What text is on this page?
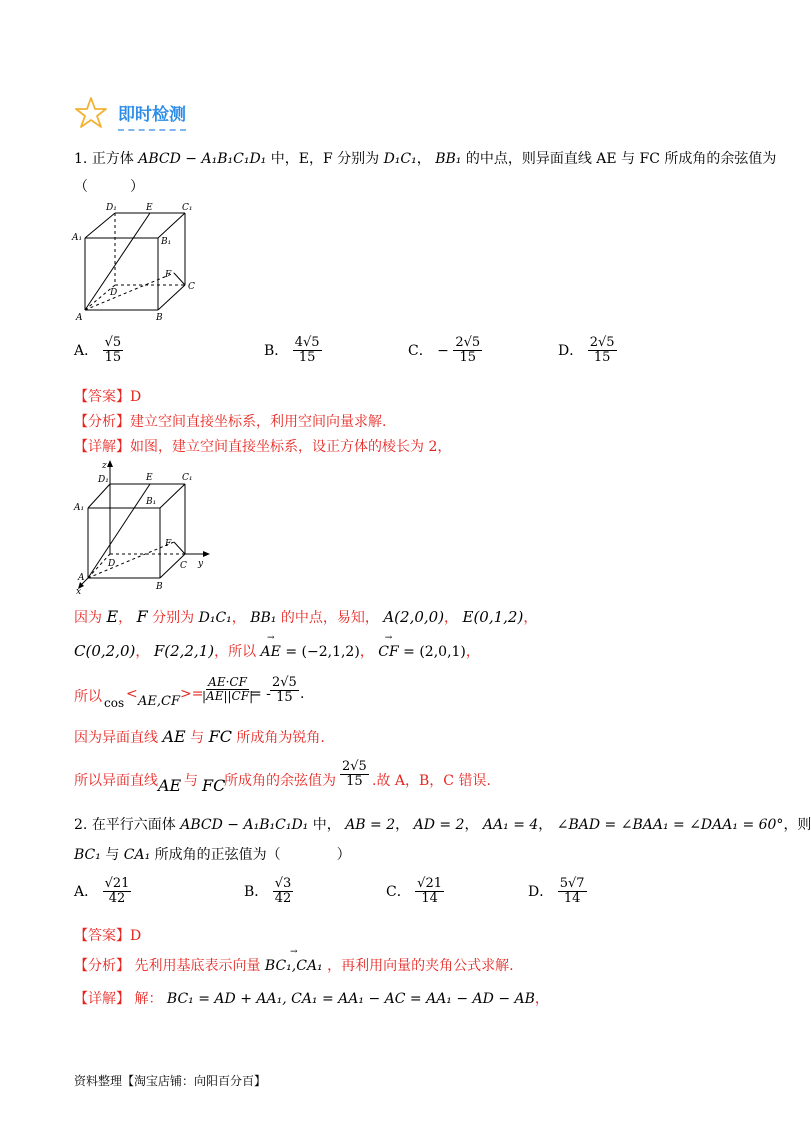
即时检测
1. 正方体 ABCD − A₁B₁C₁D₁ 中，E，F 分别为 D₁C₁， BB₁ 的中点，则异面直线 AE 与 FC 所成角的余弦值为
（　　　）
D₁	E	C₁
A₁	B₁
F
D
C
A	B
A． $\frac{√5}{15}$	B． $\frac{4√5}{15}$	C． − $\frac{2√5}{15}$	D． $\frac{2√5}{15}$
【答案】D
【分析】建立空间直接坐标系，利用空间向量求解.
【详解】如图，建立空间直接坐标系，设正方体的棱长为 2，
z
D₁	E	C₁
A₁
B₁
F
D	C y
A
x	B
因为 E， F 分别为 D₁C₁， BB₁ 的中点，易知， A(2,0,0)， E(0,1,2)，
C(0,2,0)， F(2,2,1)，所以 → AE = (−2,1,2)， → CF = (2,0,1)，
所以 cos
< AE,CF >=
$\frac{AE\cdot CF}{|AE||CF|}$
= - $\frac{2√5}{15}$ .
因为异面直线 AE 与 FC 所成角为锐角.
所以异面直线 AE 与 FC
所成角的余弦值为 $\frac{2√5}{15}$ .故 A，B，C 错误.
2. 在平行六面体 ABCD − A₁B₁C₁D₁ 中， AB = 2， AD = 2， AA₁ = 4， ∠BAD = ∠BAA₁ = ∠DAA₁ = 60°，则
BC₁ 与 CA₁ 所成角的正弦值为（　　　　）
A． $\frac{√21}{42}$	B． $\frac{√3}{42}$	C． $\frac{√21}{14}$	D． $\frac{5√7}{14}$
【答案】D
【分析】 先利用基底表示向量 → BC₁,CA₁ ，再利用向量的夹角公式求解.
【详解】 解： BC₁ = AD + AA₁, CA₁ = AA₁ − AC = AA₁ − AD − AB，
资料整理【淘宝店铺：向阳百分百】
